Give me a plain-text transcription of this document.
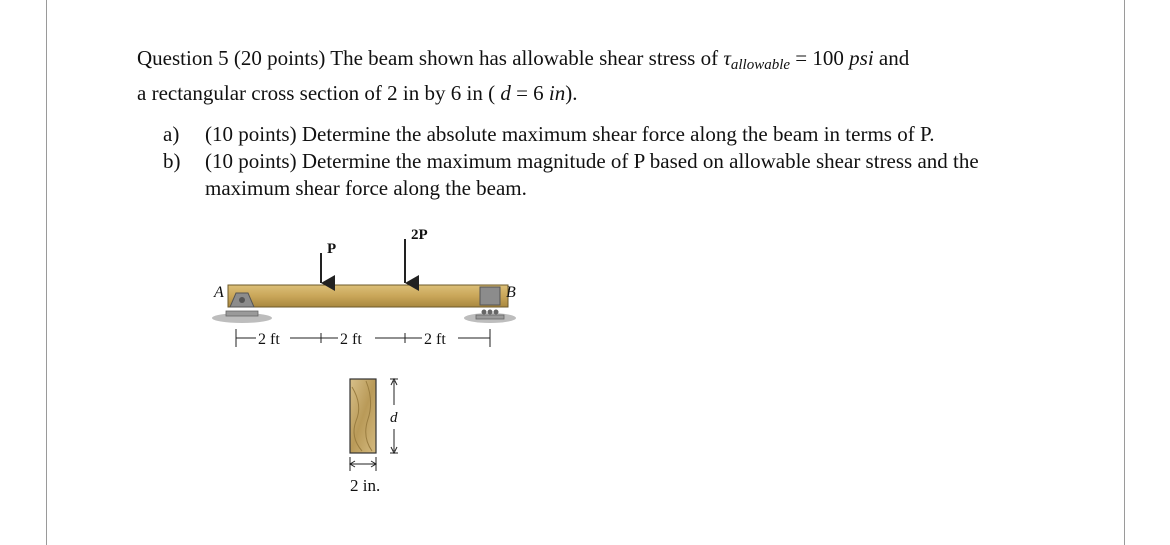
Question 5 (20 points) The beam shown has allowable shear stress of τallowable = 100 psi and
a rectangular cross section of 2 in by 6 in ( d = 6 in).
a)	(10 points) Determine the absolute maximum shear force along the beam in terms of P.
b)	(10 points) Determine the maximum magnitude of P based on allowable shear stress and the maximum shear force along the beam.
A	B
P
2P
2 ft	2 ft	2 ft
d
2 in.
